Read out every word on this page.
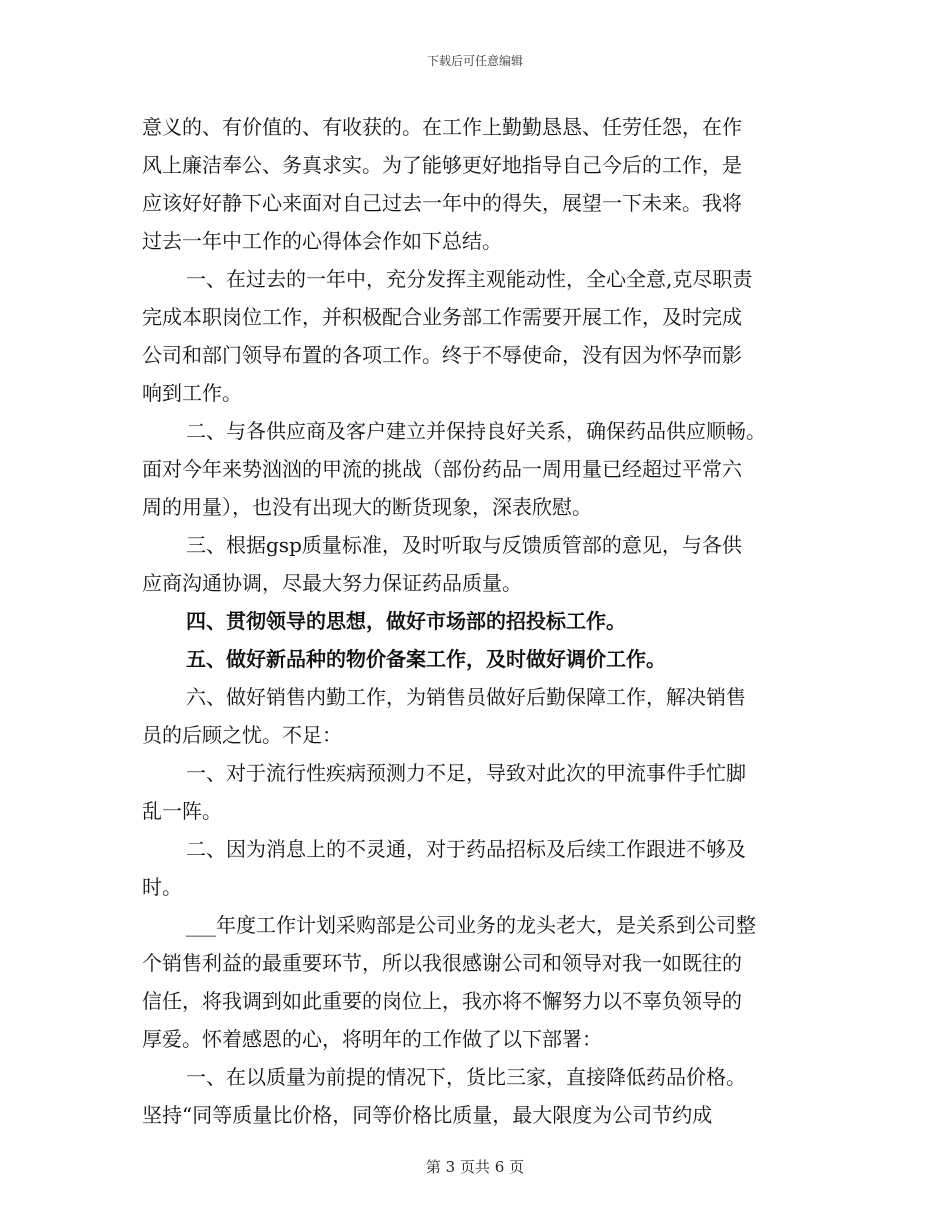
下载后可任意编辑
意义的、有价值的、有收获的。在工作上勤勤恳恳、任劳任怨，在作
风上廉洁奉公、务真求实。为了能够更好地指导自己今后的工作，是
应该好好静下心来面对自己过去一年中的得失，展望一下未来。我将
过去一年中工作的心得体会作如下总结。
一、在过去的一年中，充分发挥主观能动性，全心全意,克尽职责
完成本职岗位工作，并积极配合业务部工作需要开展工作，及时完成
公司和部门领导布置的各项工作。终于不辱使命，没有因为怀孕而影
响到工作。
二、与各供应商及客户建立并保持良好关系，确保药品供应顺畅。
面对今年来势汹汹的甲流的挑战（部份药品一周用量已经超过平常六
周的用量），也没有出现大的断货现象，深表欣慰。
三、根据gsp质量标准，及时听取与反馈质管部的意见，与各供
应商沟通协调，尽最大努力保证药品质量。
四、贯彻领导的思想，做好市场部的招投标工作。
五、做好新品种的物价备案工作，及时做好调价工作。
六、做好销售内勤工作，为销售员做好后勤保障工作，解决销售
员的后顾之忧。不足：
一、对于流行性疾病预测力不足，导致对此次的甲流事件手忙脚
乱一阵。
二、因为消息上的不灵通，对于药品招标及后续工作跟进不够及
时。
___年度工作计划采购部是公司业务的龙头老大，是关系到公司整
个销售利益的最重要环节，所以我很感谢公司和领导对我一如既往的
信任，将我调到如此重要的岗位上，我亦将不懈努力以不辜负领导的
厚爱。怀着感恩的心，将明年的工作做了以下部署：
一、在以质量为前提的情况下，货比三家，直接降低药品价格。
坚持“同等质量比价格，同等价格比质量，最大限度为公司节约成
第 3 页共 6 页
